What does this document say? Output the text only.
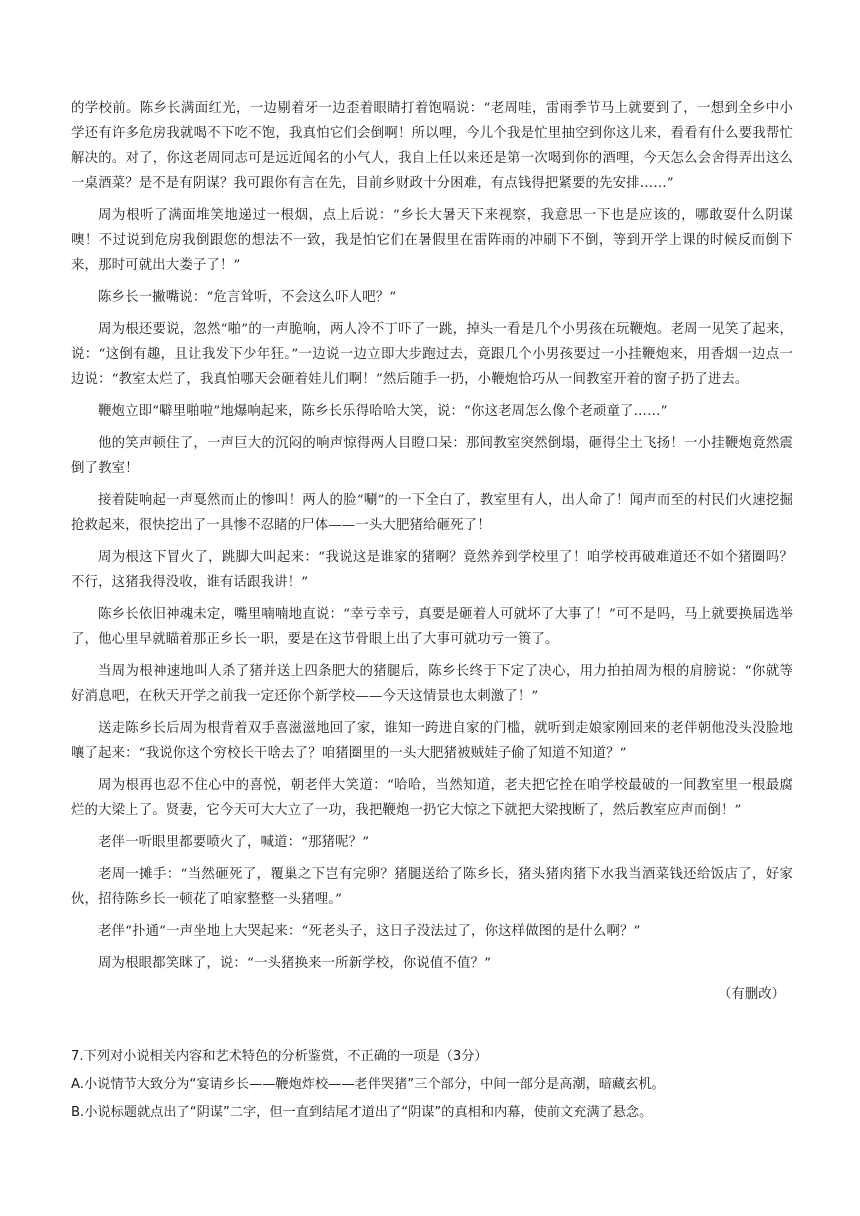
的学校前。陈乡长满面红光，一边剔着牙一边歪着眼睛打着饱嗝说：“老周哇，雷雨季节马上就要到了，一想到全乡中小学还有许多危房我就喝不下吃不饱，我真怕它们会倒啊！所以哩，今儿个我是忙里抽空到你这儿来，看看有什么要我帮忙解决的。对了，你这老周同志可是远近闻名的小气人，我自上任以来还是第一次喝到你的酒哩，今天怎么会舍得弄出这么一桌酒菜？是不是有阴谋？我可跟你有言在先，目前乡财政十分困难，有点钱得把紧要的先安排……”

周为根听了满面堆笑地递过一根烟，点上后说：“乡长大暑天下来视察，我意思一下也是应该的，哪敢耍什么阴谋噢！不过说到危房我倒跟您的想法不一致，我是怕它们在暑假里在雷阵雨的冲刷下不倒，等到开学上课的时候反而倒下来，那时可就出大娄子了！”

陈乡长一撇嘴说：“危言耸听，不会这么吓人吧？”

周为根还要说，忽然“啪”的一声脆响，两人冷不丁吓了一跳，掉头一看是几个小男孩在玩鞭炮。老周一见笑了起来，说：“这倒有趣，且让我发下少年狂。”一边说一边立即大步跑过去，竟跟几个小男孩要过一小挂鞭炮来，用香烟一边点一边说：“教室太烂了，我真怕哪天会砸着娃儿们啊！”然后随手一扔，小鞭炮恰巧从一间教室开着的窗子扔了进去。

鞭炮立即“噼里啪啦”地爆响起来，陈乡长乐得哈哈大笑，说：“你这老周怎么像个老顽童了……”

他的笑声顿住了，一声巨大的沉闷的响声惊得两人目瞪口呆：那间教室突然倒塌，砸得尘土飞扬！一小挂鞭炮竟然震倒了教室！

接着陡响起一声戛然而止的惨叫！两人的脸“唰”的一下全白了，教室里有人，出人命了！闻声而至的村民们火速挖掘抢救起来，很快挖出了一具惨不忍睹的尸体——一头大肥猪给砸死了！

周为根这下冒火了，跳脚大叫起来：“我说这是谁家的猪啊？竟然养到学校里了！咱学校再破难道还不如个猪圈吗？不行，这猪我得没收，谁有话跟我讲！”

陈乡长依旧神魂未定，嘴里喃喃地直说：“幸亏幸亏，真要是砸着人可就坏了大事了！”可不是吗，马上就要换届选举了，他心里早就瞄着那正乡长一职，要是在这节骨眼上出了大事可就功亏一篑了。

当周为根神速地叫人杀了猪并送上四条肥大的猪腿后，陈乡长终于下定了决心，用力拍拍周为根的肩膀说：“你就等好消息吧，在秋天开学之前我一定还你个新学校——今天这情景也太刺激了！”

送走陈乡长后周为根背着双手喜滋滋地回了家，谁知一跨进自家的门槛，就听到走娘家刚回来的老伴朝他没头没脸地嚷了起来：“我说你这个穷校长干啥去了？咱猪圈里的一头大肥猪被贼娃子偷了知道不知道？”

周为根再也忍不住心中的喜悦，朝老伴大笑道：“哈哈，当然知道，老夫把它拴在咱学校最破的一间教室里一根最腐烂的大梁上了。贤妻，它今天可大大立了一功，我把鞭炮一扔它大惊之下就把大梁拽断了，然后教室应声而倒！”

老伴一听眼里都要喷火了，喊道：“那猪呢？”

老周一摊手：“当然砸死了，覆巢之下岂有完卵？猪腿送给了陈乡长，猪头猪肉猪下水我当酒菜钱还给饭店了，好家伙，招待陈乡长一顿花了咱家整整一头猪哩。”

老伴“扑通”一声坐地上大哭起来：“死老头子，这日子没法过了，你这样做图的是什么啊？”

周为根眼都笑眯了，说：“一头猪换来一所新学校，你说值不值？”

（有删改）
7.下列对小说相关内容和艺术特色的分析鉴赏，不正确的一项是（3分）
A.小说情节大致分为“宴请乡长——鞭炮炸校——老伴哭猪”三个部分，中间一部分是高潮，暗藏玄机。
B.小说标题就点出了“阴谋”二字，但一直到结尾才道出了“阴谋”的真相和内幕，使前文充满了悬念。
